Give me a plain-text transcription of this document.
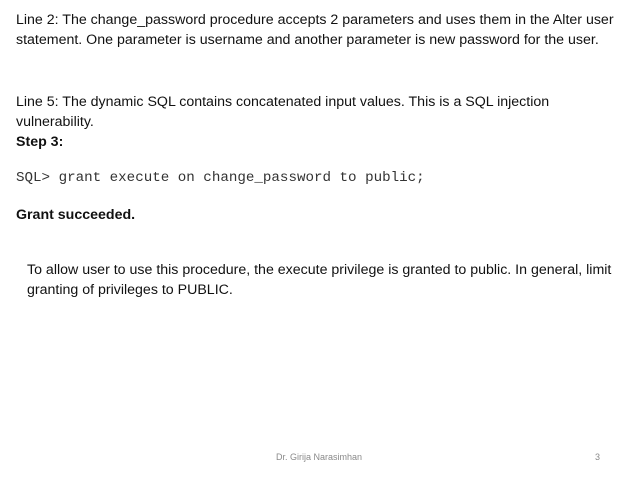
Line 2: The change_password procedure accepts 2 parameters and uses them in the Alter user statement. One parameter is username and another parameter is new password for the user.

Line 5: The dynamic SQL contains concatenated input values. This is a SQL injection vulnerability.

Step 3:

SQL> grant execute on change_password to public;

Grant succeeded.

To allow user to use this procedure, the execute privilege is granted to public. In general, limit granting of privileges to PUBLIC.

Dr. Girija Narasimhan	3
